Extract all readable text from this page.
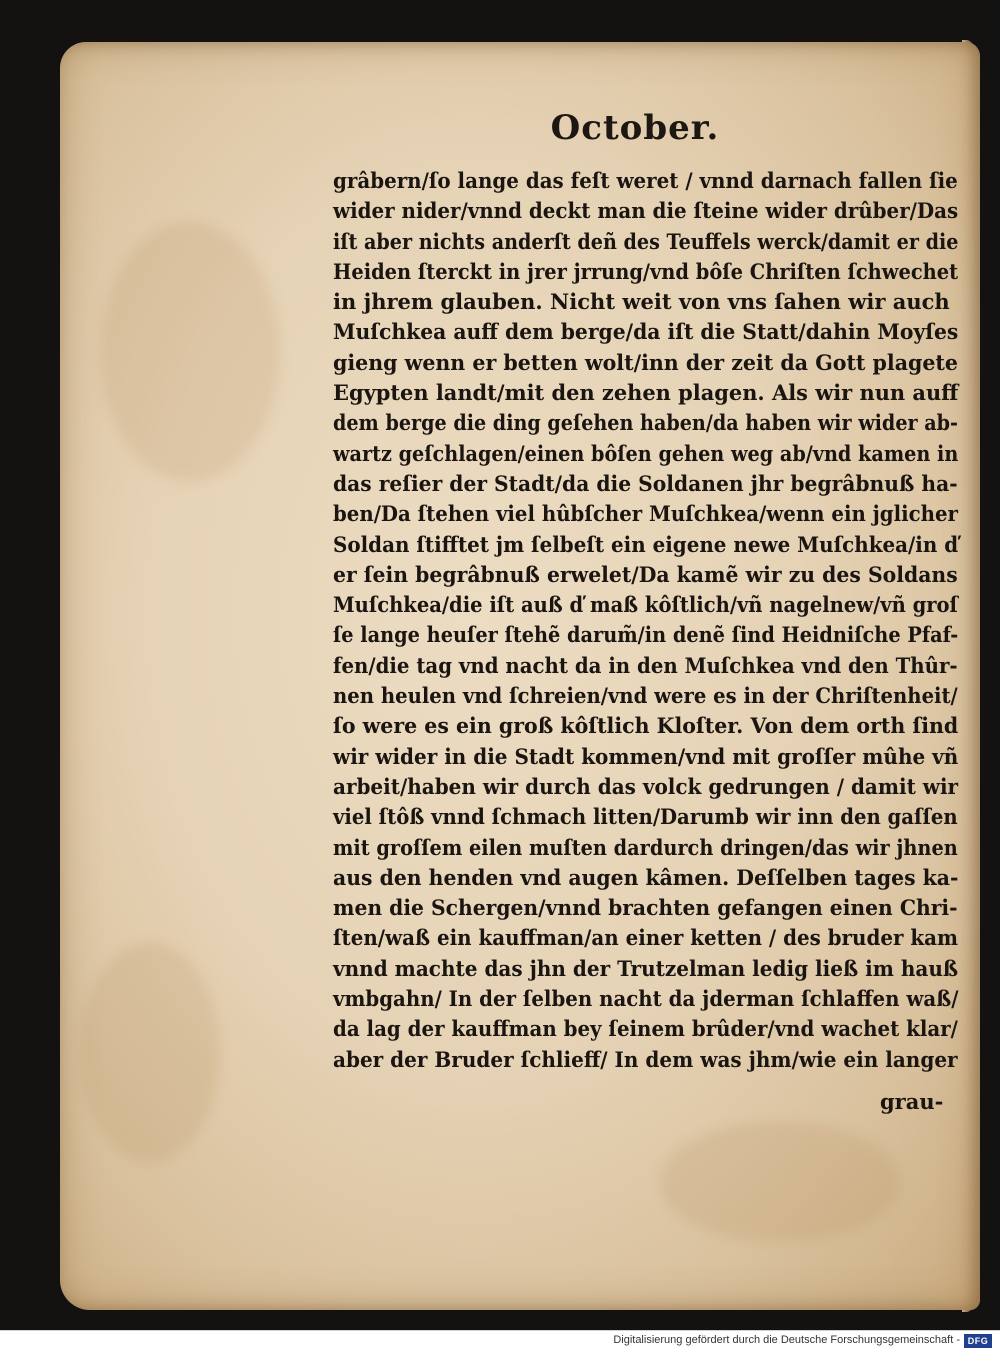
October.
grâbern/ſo lange das feſt weret / vnnd darnach fallen ſie
wider nider/vnnd deckt man die ſteine wider drûber/Das
iſt aber nichts anderſt deñ des Teuffels werck/damit er die
Heiden ſterckt in jrer jrrung/vnd bôſe Chriſten ſchwechet
in jhrem glauben. Nicht weit von vns ſahen wir auch
Muſchkea auff dem berge/da iſt die Statt/dahin Moyſes
gieng wenn er betten wolt/inn der zeit da Gott plagete
Egypten landt/mit den zehen plagen. Als wir nun auff
dem berge die ding geſehen haben/da haben wir wider ab-
wartz geſchlagen/einen bôſen gehen weg ab/vnd kamen in
das reſier der Stadt/da die Soldanen jhr begrâbnuß ha-
ben/Da ſtehen viel hûbſcher Muſchkea/wenn ein jglicher
Soldan ſtifftet jm ſelbeſt ein eigene newe Muſchkea/in ď
er ſein begrâbnuß erwelet/Da kamẽ wir zu des Soldans
Muſchkea/die iſt auß ď maß kôſtlich/vñ nagelnew/vñ groſ
ſe lange heuſer ſtehẽ darum̃/in denẽ ſind Heidniſche Pfaf-
fen/die tag vnd nacht da in den Muſchkea vnd den Thûr-
nen heulen vnd ſchreien/vnd were es in der Chriſtenheit/
ſo were es ein groß kôſtlich Kloſter. Von dem orth ſind
wir wider in die Stadt kommen/vnd mit groſſer mûhe vñ
arbeit/haben wir durch das volck gedrungen / damit wir
viel ſtôß vnnd ſchmach litten/Darumb wir inn den gaſſen
mit groſſem eilen muſten dardurch dringen/das wir jhnen
aus den henden vnd augen kâmen. Deſſelben tages ka-
men die Schergen/vnnd brachten gefangen einen Chri-
ſten/waß ein kauffman/an einer ketten / des bruder kam
vnnd machte das jhn der Trutzelman ledig ließ im hauß
vmbgahn/ In der ſelben nacht da jderman ſchlaffen waß/
da lag der kauffman bey ſeinem brûder/vnd wachet klar/
aber der Bruder ſchlieff/ In dem was jhm/wie ein langer
grau-
Digitalisierung gefördert durch die Deutsche Forschungsgemeinschaft - DFG
